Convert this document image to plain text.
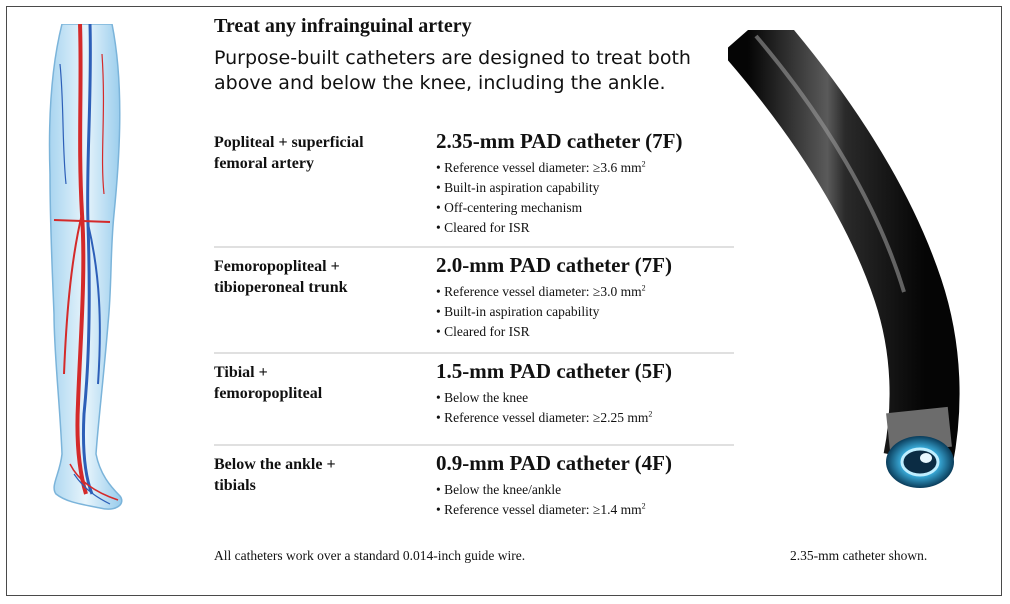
Treat any infrainguinal artery

Purpose-built catheters are designed to treat both above and below the knee, including the ankle.

Popliteal + superficial
femoral artery
2.35-mm PAD catheter (7F)
• Reference vessel diameter: ≥3.6 $mm^2$
• Built-in aspiration capability
• Off-centering mechanism
• Cleared for ISR
Femoropopliteal +
tibioperoneal trunk
2.0-mm PAD catheter (7F)
• Reference vessel diameter: ≥3.0 $mm^2$
• Built-in aspiration capability
• Cleared for ISR
Tibial +
femoropopliteal
1.5-mm PAD catheter (5F)
• Below the knee
• Reference vessel diameter: ≥2.25 $mm^2$
Below the ankle +
tibials
0.9-mm PAD catheter (4F)
• Below the knee/ankle
• Reference vessel diameter: ≥1.4 $mm^2$
All catheters work over a standard 0.014-inch guide wire.	2.35-mm catheter shown.
